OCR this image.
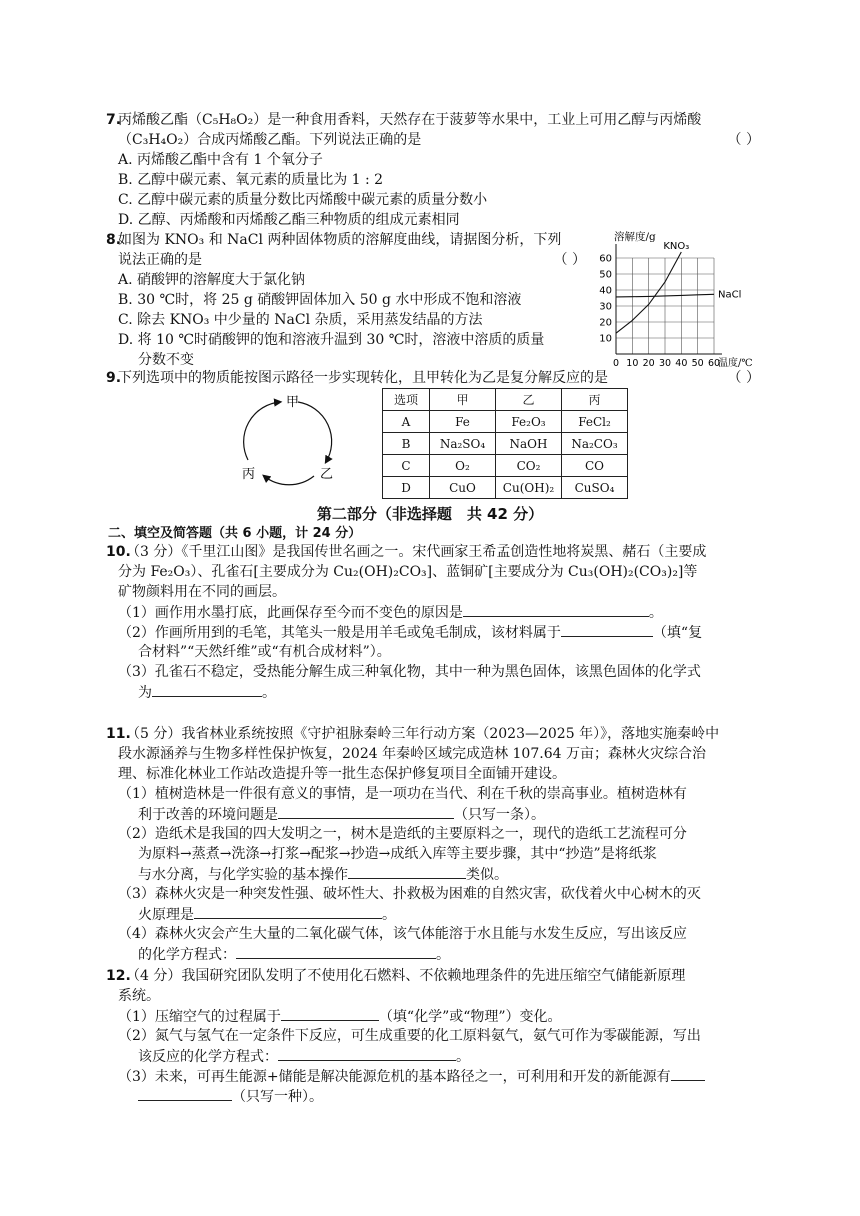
7.
丙烯酸乙酯（C₅H₈O₂）是一种食用香料，天然存在于菠萝等水果中，工业上可用乙醇与丙烯酸
（C₃H₄O₂）合成丙烯酸乙酯。下列说法正确的是	（ ）
A. 丙烯酸乙酯中含有 1 个氧分子
B. 乙醇中碳元素、氧元素的质量比为 1 : 2
C. 乙醇中碳元素的质量分数比丙烯酸中碳元素的质量分数小
D. 乙醇、丙烯酸和丙烯酸乙酯三种物质的组成元素相同
8.
如图为 KNO₃ 和 NaCl 两种固体物质的溶解度曲线，请据图分析，下列
说法正确的是	（ ）
A. 硝酸钾的溶解度大于氯化钠
B. 30 ℃时，将 25 g 硝酸钾固体加入 50 g 水中形成不饱和溶液
C. 除去 KNO₃ 中少量的 NaCl 杂质，采用蒸发结晶的方法
D. 将 10 ℃时硝酸钾的饱和溶液升温到 30 ℃时，溶液中溶质的质量
分数不变
10
20
30
40
50
60
0 10 20 30 40 50 60
KNO₃
NaCl
溶解度/g
温度/℃
9.
下列选项中的物质能按图示路径一步实现转化，且甲转化为乙是复分解反应的是	（ ）
甲
乙
丙
选项	甲	乙	丙
A	Fe	Fe₂O₃	FeCl₂
B	Na₂SO₄	NaOH	Na₂CO₃
C	O₂	CO₂	CO
D	CuO	Cu(OH)₂	CuSO₄
第二部分（非选择题　共 42 分）
二、填空及简答题（共 6 小题，计 24 分）
10.
（3 分）《千里江山图》是我国传世名画之一。宋代画家王希孟创造性地将炭黑、赭石（主要成
分为 Fe₂O₃）、孔雀石[主要成分为 Cu₂(OH)₂CO₃]、蓝铜矿[主要成分为 Cu₃(OH)₂(CO₃)₂]等
矿物颜料用在不同的画层。
（1）画作用水墨打底，此画保存至今而不变色的原因是	。
（2）作画所用到的毛笔，其笔头一般是用羊毛或兔毛制成，该材料属于	（填“复
合材料”“天然纤维”或“有机合成材料”）。
（3）孔雀石不稳定，受热能分解生成三种氧化物，其中一种为黑色固体，该黑色固体的化学式
为	。
11.
（5 分）我省林业系统按照《守护祖脉秦岭三年行动方案（2023—2025 年）》，落地实施秦岭中
段水源涵养与生物多样性保护恢复，2024 年秦岭区域完成造林 107.64 万亩；森林火灾综合治
理、标准化林业工作站改造提升等一批生态保护修复项目全面铺开建设。
（1）植树造林是一件很有意义的事情，是一项功在当代、利在千秋的崇高事业。植树造林有
利于改善的环境问题是	（只写一条）。
（2）造纸术是我国的四大发明之一，树木是造纸的主要原料之一，现代的造纸工艺流程可分
为原料→蒸煮→洗涤→打浆→配浆→抄造→成纸入库等主要步骤，其中“抄造”是将纸浆
与水分离，与化学实验的基本操作	类似。
（3）森林火灾是一种突发性强、破坏性大、扑救极为困难的自然灾害，砍伐着火中心树木的灭
火原理是	。
（4）森林火灾会产生大量的二氧化碳气体，该气体能溶于水且能与水发生反应，写出该反应
的化学方程式：	。
12.
（4 分）我国研究团队发明了不使用化石燃料、不依赖地理条件的先进压缩空气储能新原理
系统。
（1）压缩空气的过程属于	（填“化学”或“物理”）变化。
（2）氮气与氢气在一定条件下反应，可生成重要的化工原料氨气，氨气可作为零碳能源，写出
该反应的化学方程式：	。
（3）未来，可再生能源+储能是解决能源危机的基本路径之一，可利用和开发的新能源有
（只写一种）。
